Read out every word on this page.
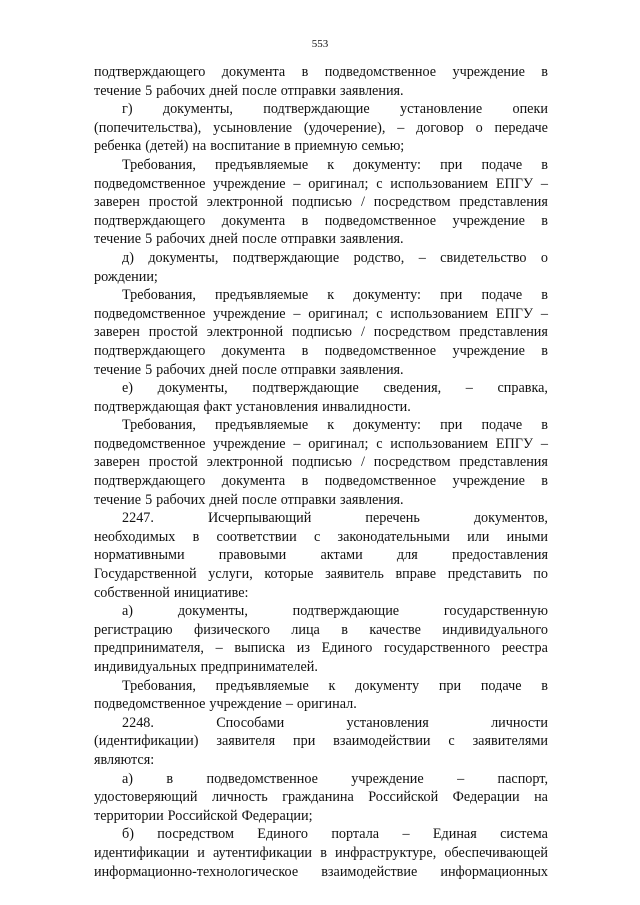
553
подтверждающего документа в подведомственное учреждение в
течение 5 рабочих дней после отправки заявления.
г) документы, подтверждающие установление опеки
(попечительства), усыновление (удочерение), – договор о передаче
ребенка (детей) на воспитание в приемную семью;
Требования, предъявляемые к документу: при подаче в
подведомственное учреждение – оригинал; с использованием ЕПГУ –
заверен простой электронной подписью / посредством представления
подтверждающего документа в подведомственное учреждение в
течение 5 рабочих дней после отправки заявления.
д) документы, подтверждающие родство, – свидетельство о
рождении;
Требования, предъявляемые к документу: при подаче в
подведомственное учреждение – оригинал; с использованием ЕПГУ –
заверен простой электронной подписью / посредством представления
подтверждающего документа в подведомственное учреждение в
течение 5 рабочих дней после отправки заявления.
е) документы, подтверждающие сведения, – справка,
подтверждающая факт установления инвалидности.
Требования, предъявляемые к документу: при подаче в
подведомственное учреждение – оригинал; с использованием ЕПГУ –
заверен простой электронной подписью / посредством представления
подтверждающего документа в подведомственное учреждение в
течение 5 рабочих дней после отправки заявления.
2247.	Исчерпывающий	перечень	документов,
необходимых в соответствии с законодательными или иными
нормативными правовыми актами для предоставления
Государственной услуги, которые заявитель вправе представить по
собственной инициативе:
а)	документы,	подтверждающие	государственную
регистрацию физического лица в качестве индивидуального
предпринимателя, – выписка из Единого государственного реестра
индивидуальных предпринимателей.
Требования, предъявляемые к документу при подаче в
подведомственное учреждение – оригинал.
2248.	Способами	установления	личности
(идентификации) заявителя при взаимодействии с заявителями
являются:
а) в подведомственное учреждение – паспорт,
удостоверяющий личность гражданина Российской Федерации на
территории Российской Федерации;
б) посредством Единого портала – Единая система
идентификации и аутентификации в инфраструктуре, обеспечивающей
информационно-технологическое взаимодействие информационных
